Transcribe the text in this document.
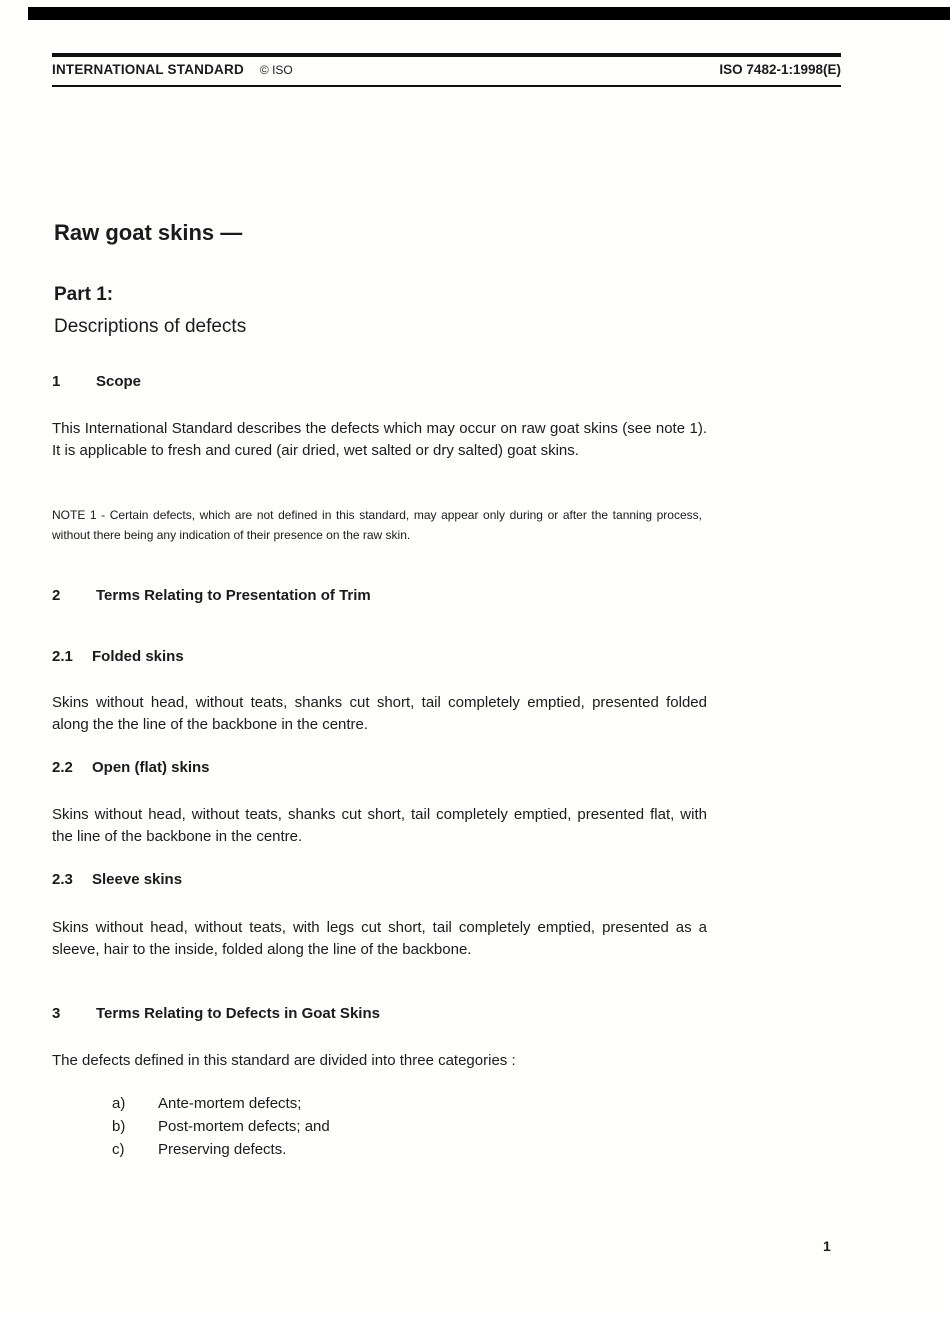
INTERNATIONAL STANDARD © ISO	ISO 7482-1:1998(E)
Raw goat skins —
Part 1:
Descriptions of defects
1	Scope
This International Standard describes the defects which may occur on raw goat skins (see note 1). It is applicable to fresh and cured (air dried, wet salted or dry salted) goat skins.
NOTE 1 - Certain defects, which are not defined in this standard, may appear only during or after the tanning process, without there being any indication of their presence on the raw skin.
2	Terms Relating to Presentation of Trim
2.1	Folded skins
Skins without head, without teats, shanks cut short, tail completely emptied, presented folded along the the line of the backbone in the centre.
2.2	Open (flat) skins
Skins without head, without teats, shanks cut short, tail completely emptied, presented flat, with the line of the backbone in the centre.
2.3	Sleeve skins
Skins without head, without teats, with legs cut short, tail completely emptied, presented as a sleeve, hair to the inside, folded along the line of the backbone.
3	Terms Relating to Defects in Goat Skins
The defects defined in this standard are divided into three categories :
a)	Ante-mortem defects;
b)	Post-mortem defects; and
c)	Preserving defects.
1
